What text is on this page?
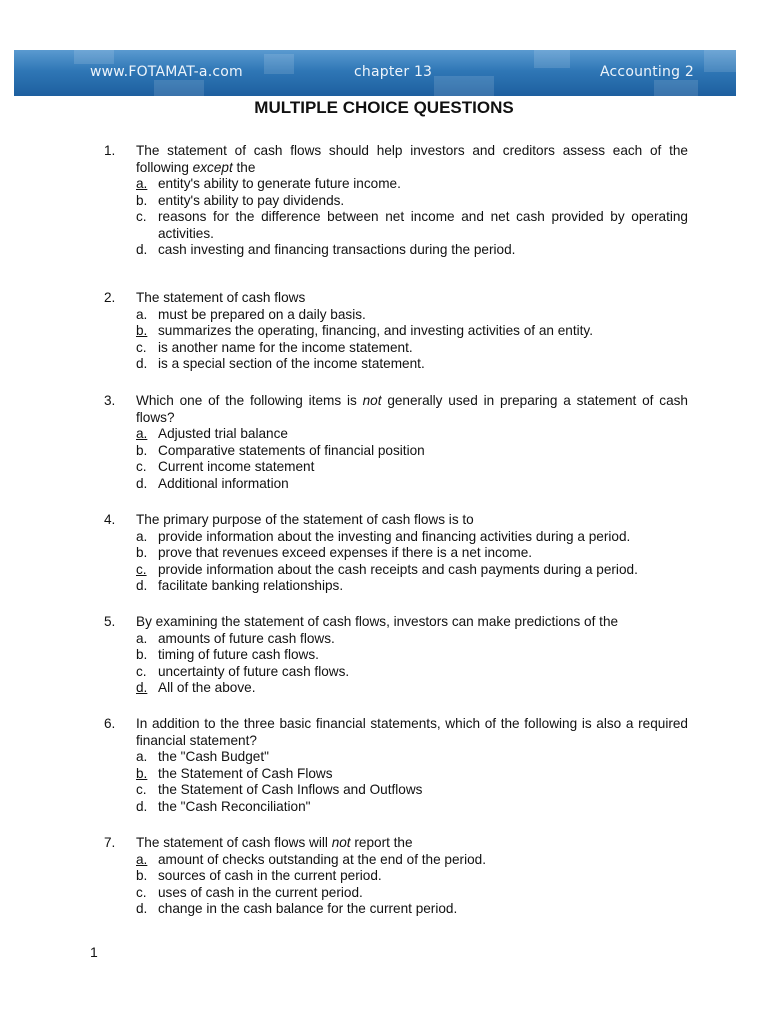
www.FOTAMAT-a.com	chapter 13	Accounting 2
MULTIPLE CHOICE QUESTIONS
1. The statement of cash flows should help investors and creditors assess each of the following except the
a. entity's ability to generate future income.
b. entity's ability to pay dividends.
c. reasons for the difference between net income and net cash provided by operating activities.
d. cash investing and financing transactions during the period.
2. The statement of cash flows
a. must be prepared on a daily basis.
b. summarizes the operating, financing, and investing activities of an entity.
c. is another name for the income statement.
d. is a special section of the income statement.
3. Which one of the following items is not generally used in preparing a statement of cash flows?
a. Adjusted trial balance
b. Comparative statements of financial position
c. Current income statement
d. Additional information
4. The primary purpose of the statement of cash flows is to
a. provide information about the investing and financing activities during a period.
b. prove that revenues exceed expenses if there is a net income.
c. provide information about the cash receipts and cash payments during a period.
d. facilitate banking relationships.
5. By examining the statement of cash flows, investors can make predictions of the
a. amounts of future cash flows.
b. timing of future cash flows.
c. uncertainty of future cash flows.
d. All of the above.
6. In addition to the three basic financial statements, which of the following is also a required financial statement?
a. the "Cash Budget"
b. the Statement of Cash Flows
c. the Statement of Cash Inflows and Outflows
d. the "Cash Reconciliation"
7. The statement of cash flows will not report the
a. amount of checks outstanding at the end of the period.
b. sources of cash in the current period.
c. uses of cash in the current period.
d. change in the cash balance for the current period.
1
